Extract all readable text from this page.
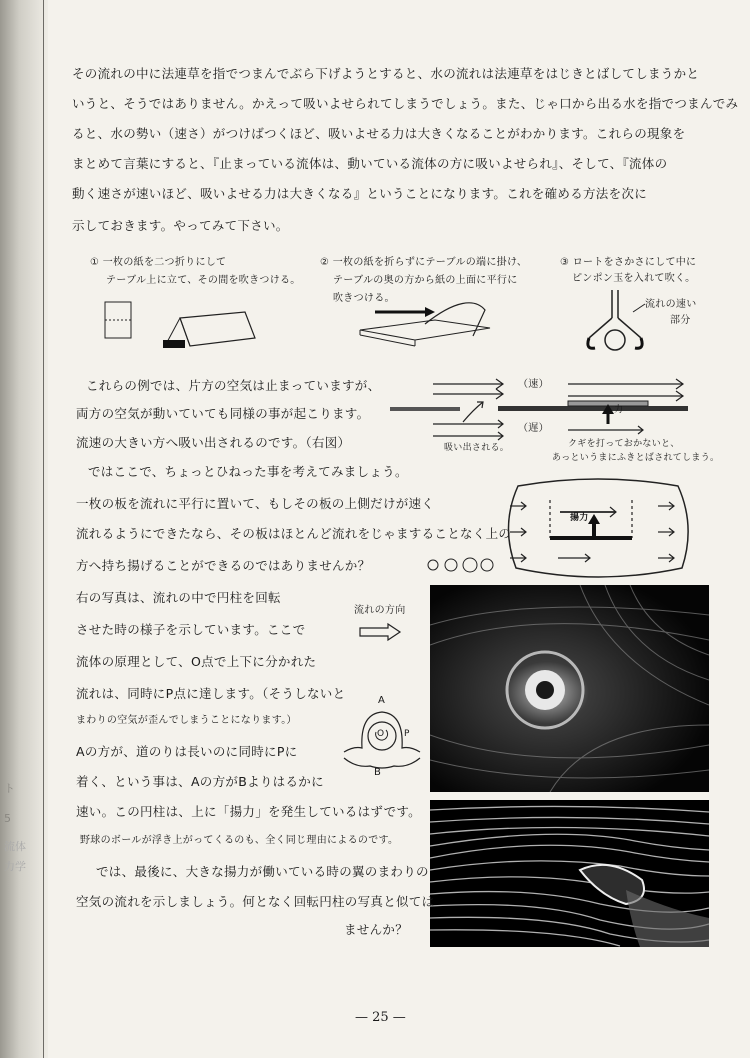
ト
5
流体
力学
その流れの中に法連草を指でつまんでぶら下げようとすると、水の流れは法連草をはじきとばしてしまうかと
いうと、そうではありません。かえって吸いよせられてしまうでしょう。また、じゃ口から出る水を指でつまんでみ
ると、水の勢い（速さ）がつけばつくほど、吸いよせる力は大きくなることがわかります。これらの現象を
まとめて言葉にすると、『止まっている流体は、動いている流体の方に吸いよせられ』、そして、『流体の
動く速さが速いほど、吸いよせる力は大きくなる』ということになります。これを確める方法を次に
示しておきます。やってみて下さい。
① 一枚の紙を二つ折りにして
テーブル上に立て、その間を吹きつける。
② 一枚の紙を折らずにテーブルの端に掛け、
テーブルの奥の方から紙の上面に平行に
吹きつける。
③ ロートをさかさにして中に
ピンポン玉を入れて吹く。
流れの速い
部分
これらの例では、片方の空気は止まっていますが、
両方の空気が動いていても同様の事が起こります。
流速の大きい方へ吸い出されるのです。（右図）
ではここで、ちょっとひねった事を考えてみましょう。
（速）
（遅）
力
吸い出される。	クギを打っておかないと、
あっというまにふきとばされてしまう。
一枚の板を流れに平行に置いて、もしその板の上側だけが速く
流れるようにできたなら、その板はほとんど流れをじゃますることなく上の
方へ持ち揚げることができるのではありませんか？
揚力
右の写真は、流れの中で円柱を回転
させた時の様子を示しています。ここで
流体の原理として、O点で上下に分かれた
流れは、同時にP点に達します。（そうしないと
まわりの空気が歪んでしまうことになります。）
Aの方が、道のりは長いのに同時にPに
着く、という事は、Aの方がBよりはるかに
速い。この円柱は、上に「揚力」を発生しているはずです。
野球のボールが浮き上がってくるのも、全く同じ理由によるのです。
流れの方向
A
B
O P
では、最後に、大きな揚力が働いている時の翼のまわりの
空気の流れを示しましょう。何となく回転円柱の写真と似ては
ませんか？
— 25 —
